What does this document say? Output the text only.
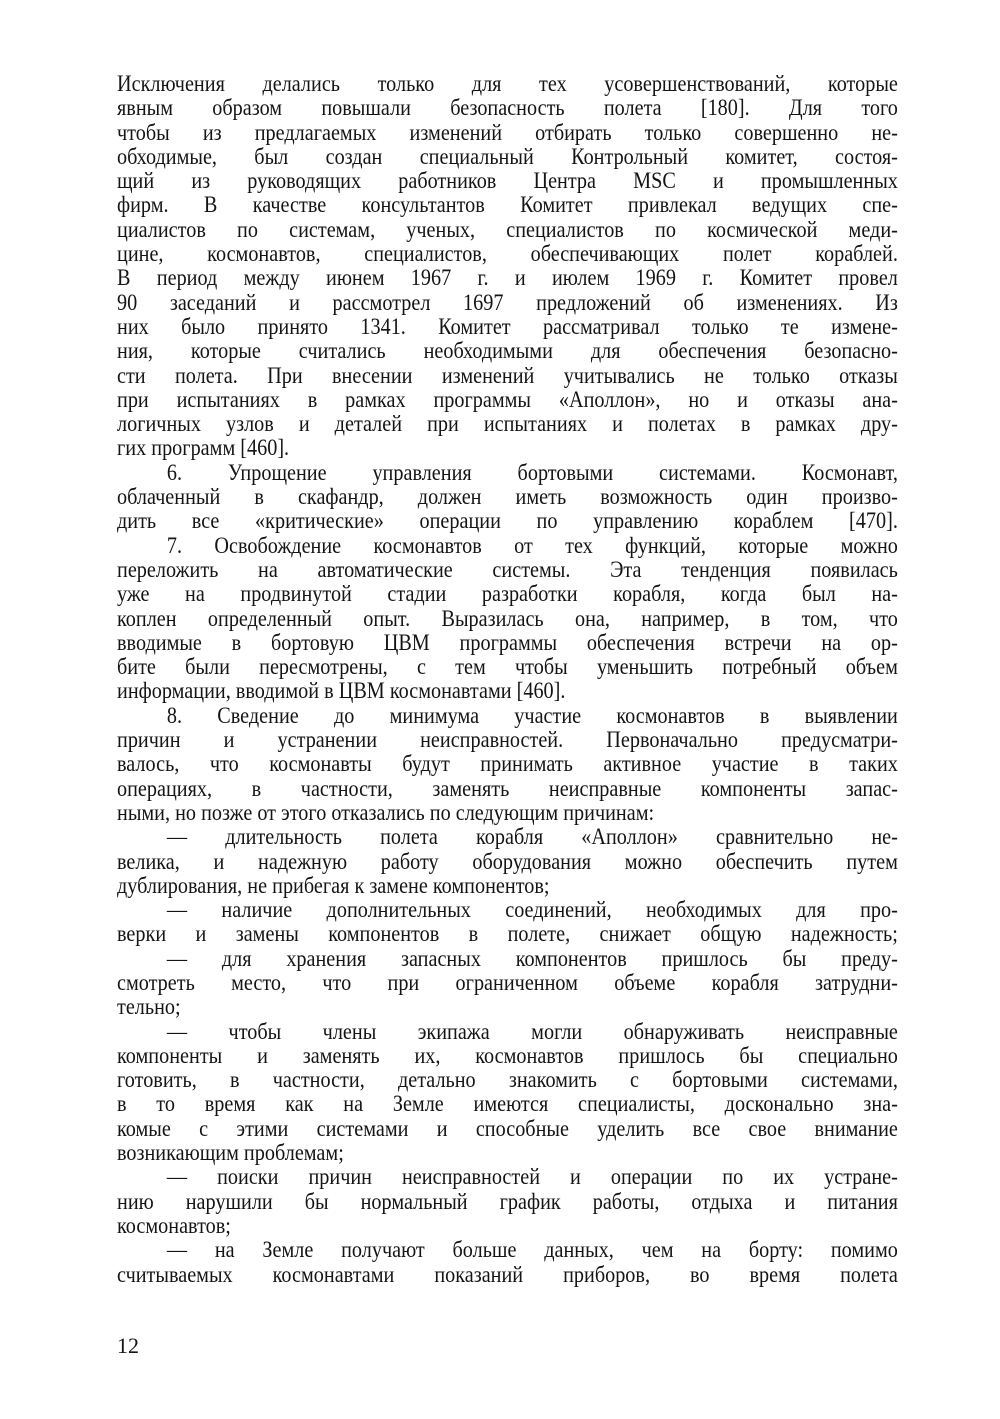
Исключения делались только для тех усовершенствований, которые
явным образом повышали безопасность полета [180]. Для того
чтобы из предлагаемых изменений отбирать только совершенно не-
обходимые, был создан специальный Контрольный комитет, состоя-
щий из руководящих работников Центра MSC и промышленных
фирм. В качестве консультантов Комитет привлекал ведущих спе-
циалистов по системам, ученых, специалистов по космической меди-
цине, космонавтов, специалистов, обеспечивающих полет кораблей.
В период между июнем 1967 г. и июлем 1969 г. Комитет провел
90 заседаний и рассмотрел 1697 предложений об изменениях. Из
них было принято 1341. Комитет рассматривал только те измене-
ния, которые считались необходимыми для обеспечения безопасно-
сти полета. При внесении изменений учитывались не только отказы
при испытаниях в рамках программы «Аполлон», но и отказы ана-
логичных узлов и деталей при испытаниях и полетах в рамках дру-
гих программ [460].
6. Упрощение управления бортовыми системами. Космонавт,
облаченный в скафандр, должен иметь возможность один произво-
дить все «критические» операции по управлению кораблем [470].
7. Освобождение космонавтов от тех функций, которые можно
переложить на автоматические системы. Эта тенденция появилась
уже на продвинутой стадии разработки корабля, когда был на-
коплен определенный опыт. Выразилась она, например, в том, что
вводимые в бортовую ЦВМ программы обеспечения встречи на ор-
бите были пересмотрены, с тем чтобы уменьшить потребный объем
информации, вводимой в ЦВМ космонавтами [460].
8. Сведение до минимума участие космонавтов в выявлении
причин и устранении неисправностей. Первоначально предусматри-
валось, что космонавты будут принимать активное участие в таких
операциях, в частности, заменять неисправные компоненты запас-
ными, но позже от этого отказались по следующим причинам:
— длительность полета корабля «Аполлон» сравнительно не-
велика, и надежную работу оборудования можно обеспечить путем
дублирования, не прибегая к замене компонентов;
— наличие дополнительных соединений, необходимых для про-
верки и замены компонентов в полете, снижает общую надежность;
— для хранения запасных компонентов пришлось бы преду-
смотреть место, что при ограниченном объеме корабля затрудни-
тельно;
— чтобы члены экипажа могли обнаруживать неисправные
компоненты и заменять их, космонавтов пришлось бы специально
готовить, в частности, детально знакомить с бортовыми системами,
в то время как на Земле имеются специалисты, досконально зна-
комые с этими системами и способные уделить все свое внимание
возникающим проблемам;
— поиски причин неисправностей и операции по их устране-
нию нарушили бы нормальный график работы, отдыха и питания
космонавтов;
— на Земле получают больше данных, чем на борту: помимо
считываемых космонавтами показаний приборов, во время полета
12
